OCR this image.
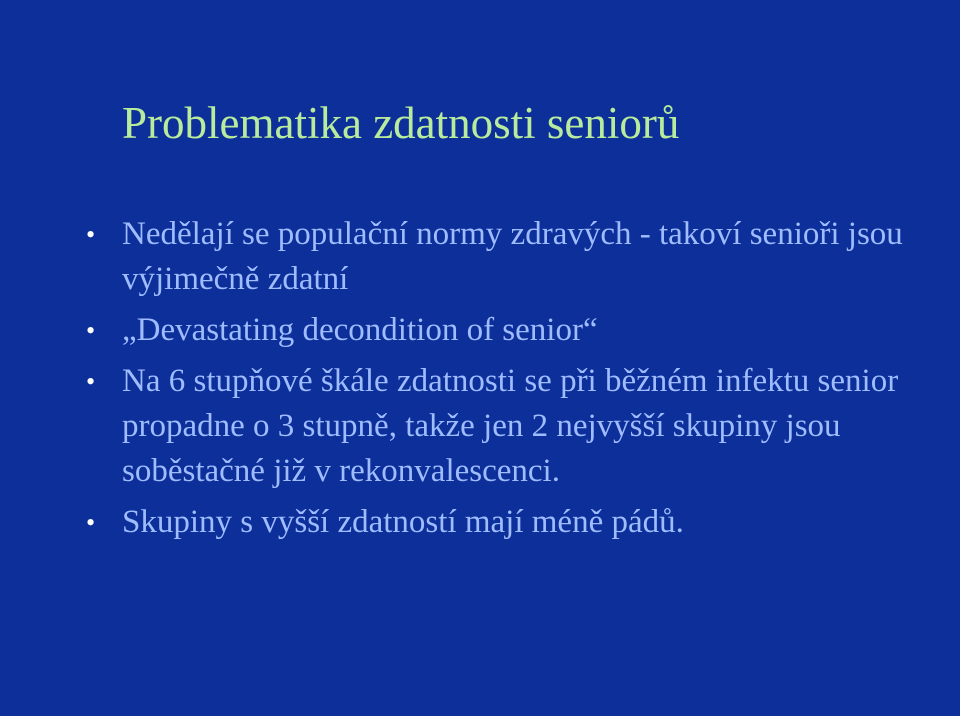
Problematika zdatnosti seniorů
• Nedělají se populační normy zdravých - takoví senioři jsou výjimečně zdatní
• „Devastating decondition of senior“
• Na 6 stupňové škále zdatnosti se při běžném infektu senior propadne o 3 stupně, takže jen 2 nejvyšší skupiny jsou soběstačné již v rekonvalescenci.
• Skupiny s vyšší zdatností mají méně pádů.
